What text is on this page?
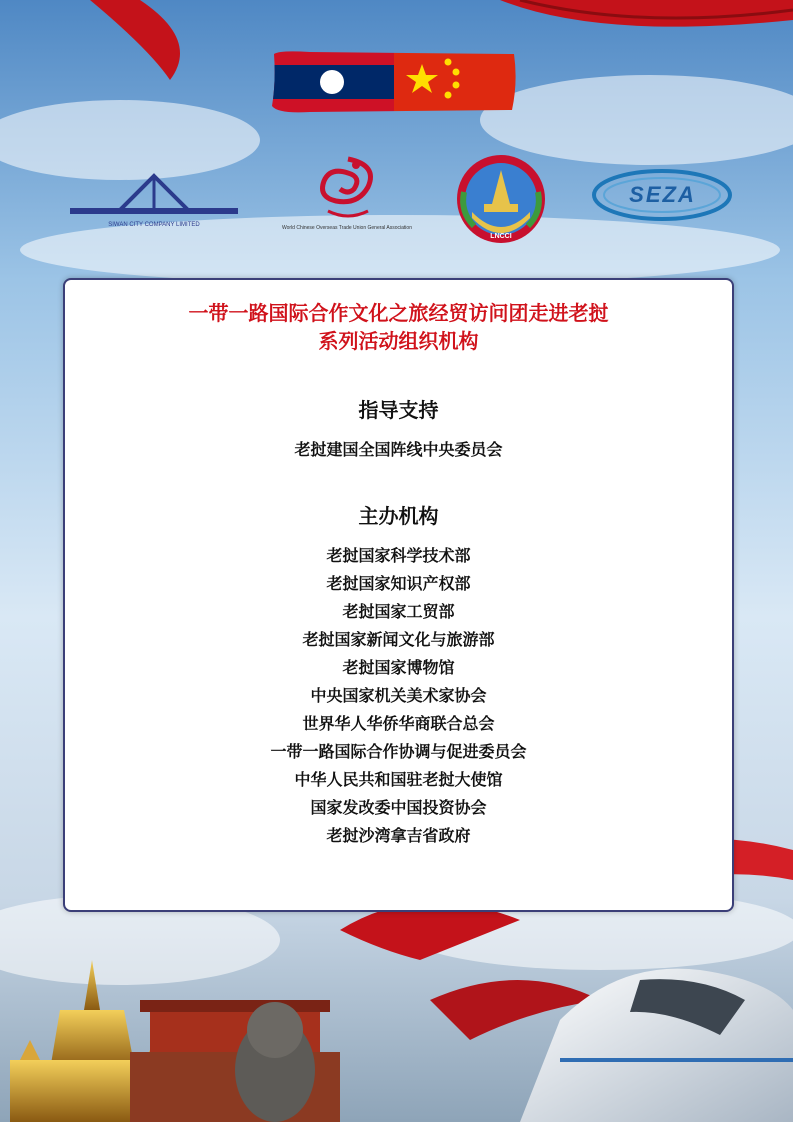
SIWAN CITY COMPANY LIMITED	World Chinese Overseas Trade Union General Association
LNCCI
SEZA
一带一路国际合作文化之旅经贸访问团走进老挝
系列活动组织机构
指导支持
老挝建国全国阵线中央委员会
主办机构
老挝国家科学技术部
老挝国家知识产权部
老挝国家工贸部
老挝国家新闻文化与旅游部
老挝国家博物馆
中央国家机关美术家协会
世界华人华侨华商联合总会
一带一路国际合作协调与促进委员会
中华人民共和国驻老挝大使馆
国家发改委中国投资协会
老挝沙湾拿吉省政府
